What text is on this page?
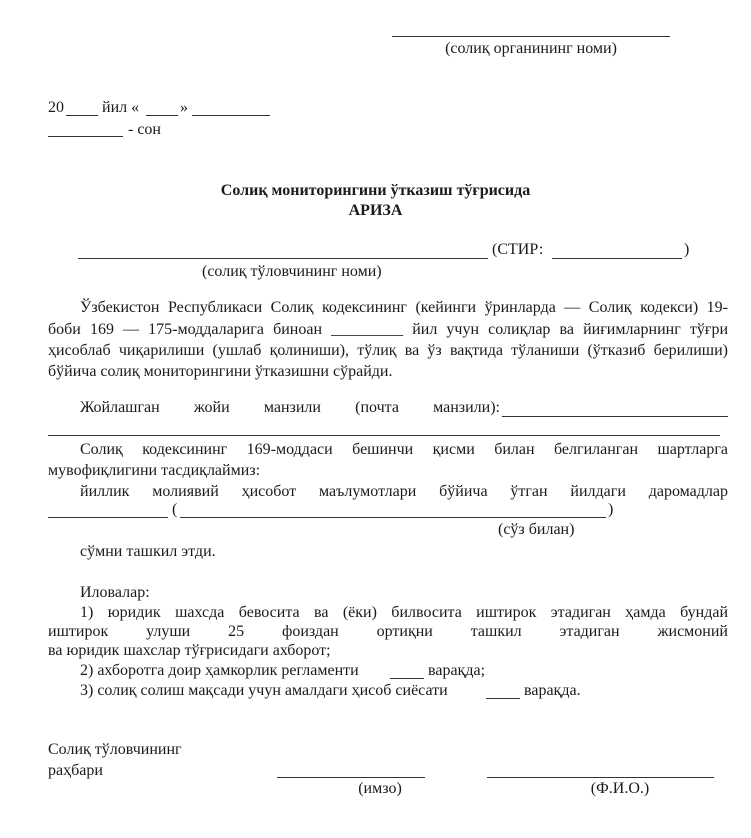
(солиқ органининг номи)
20 йил «	»
- сон
Солиқ мониторингини ўтказиш тўғрисида
АРИЗА
(СТИР:	)
(солиқ тўловчининг номи)
Ўзбекистон Республикаси Солиқ кодексининг (кейинги ўринларда — Солиқ кодекси) 19-
боби 169 — 175-моддаларига биноан _________ йил учун солиқлар ва йиғимларнинг тўғри
ҳисоблаб чиқарилиши (ушлаб қолиниши), тўлиқ ва ўз вақтида тўланиши (ўтказиб берилиши)
бўйича солиқ мониторингини ўтказишни сўрайди.
Жойлашган жойи манзили (почта манзили):
Солиқ кодексининг 169-моддаси бешинчи қисми билан белгиланган шартларга
мувофиқлигини тасдиқлаймиз:
йиллик молиявий ҳисобот маълумотлари бўйича ўтган йилдаги даромадлар
(	)
(сўз билан)
сўмни ташкил этди.
Иловалар:
1) юридик шахсда бевосита ва (ёки) билвосита иштирок этадиган ҳамда бундай
иштирок улуши 25 фоиздан ортиқни ташкил этадиган жисмоний
ва юридик шахслар тўғрисидаги ахборот;
2) ахборотга доир ҳамкорлик регламенти	варақда;
3) солиқ солиш мақсади учун амалдаги ҳисоб сиёсати	варақда.
Солиқ тўловчининг
раҳбари
(имзо)	(Ф.И.О.)
